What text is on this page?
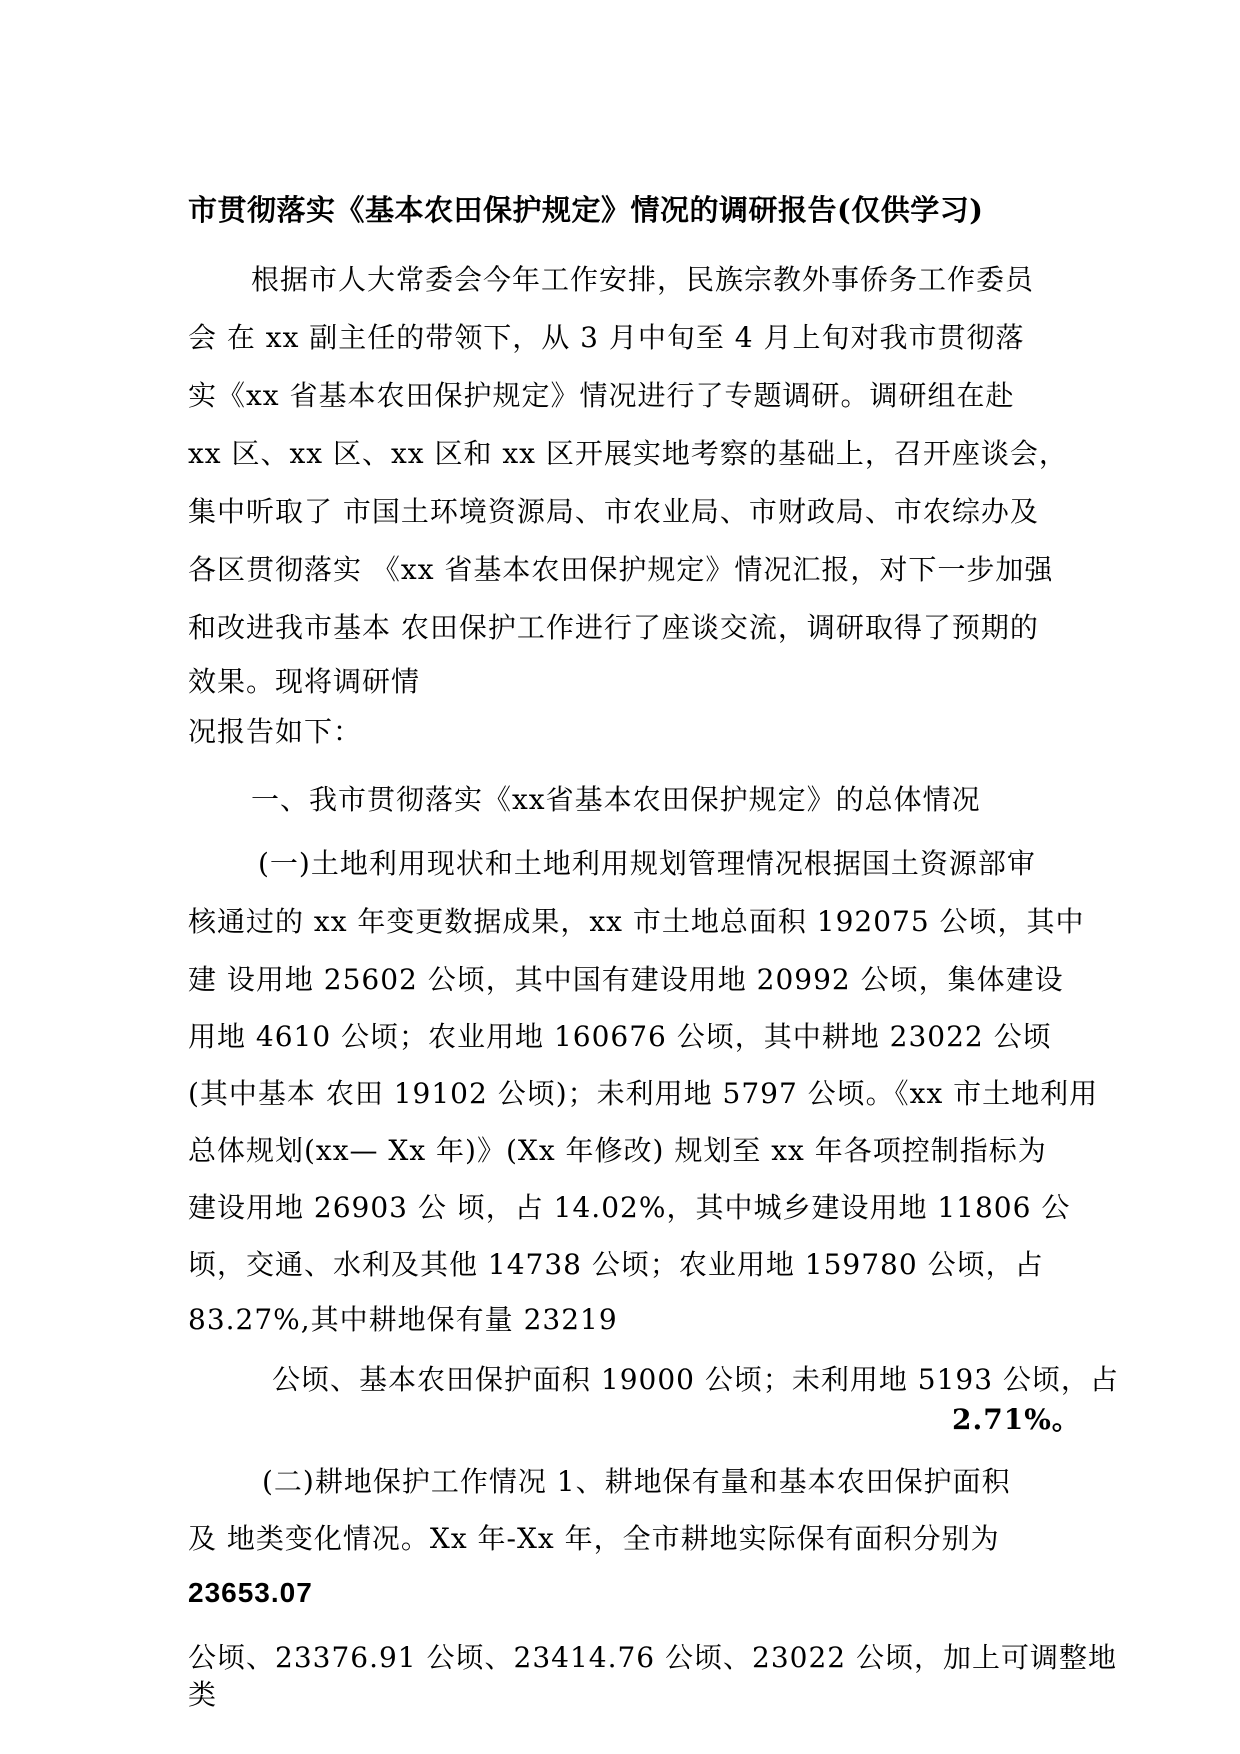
市贯彻落实《基本农田保护规定》情况的调研报告(仅供学习)
根据市人大常委会今年工作安排，民族宗教外事侨务工作委员
会 在 xx 副主任的带领下，从 3 月中旬至 4 月上旬对我市贯彻落
实《xx 省基本农田保护规定》情况进行了专题调研。调研组在赴
xx 区、xx 区、xx 区和 xx 区开展实地考察的基础上，召开座谈会，
集中听取了 市国土环境资源局、市农业局、市财政局、市农综办及
各区贯彻落实 《xx 省基本农田保护规定》情况汇报，对下一步加强
和改进我市基本 农田保护工作进行了座谈交流，调研取得了预期的
效果。现将调研情
况报告如下：
一、我市贯彻落实《xx省基本农田保护规定》的总体情况
(一)土地利用现状和土地利用规划管理情况根据国土资源部审
核通过的 xx 年变更数据成果，xx 市土地总面积 192075 公顷，其中
建 设用地 25602 公顷，其中国有建设用地 20992 公顷，集体建设
用地 4610 公顷；农业用地 160676 公顷，其中耕地 23022 公顷
(其中基本 农田 19102 公顷)；未利用地 5797 公顷。《xx 市土地利用
总体规划(xx— Xx 年)》(Xx 年修改) 规划至 xx 年各项控制指标为
建设用地 26903 公 顷，占 14.02%，其中城乡建设用地 11806 公
顷，交通、水利及其他 14738 公顷；农业用地 159780 公顷，占
83.27%,其中耕地保有量 23219
公顷、基本农田保护面积 19000 公顷；未利用地 5193 公顷，占
2.71%。
(二)耕地保护工作情况 1、耕地保有量和基本农田保护面积
及 地类变化情况。Xx 年-Xx 年，全市耕地实际保有面积分别为
23653.07
公顷、23376.91 公顷、23414.76 公顷、23022 公顷，加上可调整地
类
